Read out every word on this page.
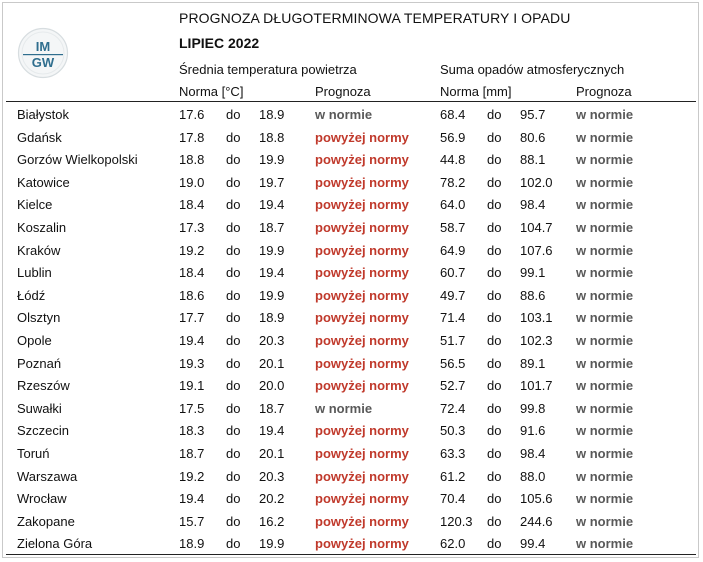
IM
GW
PROGNOZA DŁUGOTERMINOWA TEMPERATURY I OPADU
LIPIEC 2022
Średnia temperatura powietrza	Suma opadów atmosferycznych
Norma [°C]	Prognoza	Norma [mm]	Prognoza
Białystok	17.6 do 18.9 w normie	68.4 do 95.7 w normie
Gdańsk	17.8 do 18.8 powyżej normy 56.9 do 80.6 w normie
Gorzów Wielkopolski	18.8 do 19.9 powyżej normy 44.8 do 88.1 w normie
Katowice	19.0 do 19.7 powyżej normy 78.2 do 102.0 w normie
Kielce	18.4 do 19.4 powyżej normy 64.0 do 98.4 w normie
Koszalin	17.3 do 18.7 powyżej normy 58.7 do 104.7 w normie
Kraków	19.2 do 19.9 powyżej normy 64.9 do 107.6 w normie
Lublin	18.4 do 19.4 powyżej normy 60.7 do 99.1 w normie
Łódź	18.6 do 19.9 powyżej normy 49.7 do 88.6 w normie
Olsztyn	17.7 do 18.9 powyżej normy 71.4 do 103.1 w normie
Opole	19.4 do 20.3 powyżej normy 51.7 do 102.3 w normie
Poznań	19.3 do 20.1 powyżej normy 56.5 do 89.1 w normie
Rzeszów	19.1 do 20.0 powyżej normy 52.7 do 101.7 w normie
Suwałki	17.5 do 18.7 w normie	72.4 do 99.8 w normie
Szczecin	18.3 do 19.4 powyżej normy 50.3 do 91.6 w normie
Toruń	18.7 do 20.1 powyżej normy 63.3 do 98.4 w normie
Warszawa	19.2 do 20.3 powyżej normy 61.2 do 88.0 w normie
Wrocław	19.4 do 20.2 powyżej normy 70.4 do 105.6 w normie
Zakopane	15.7 do 16.2 powyżej normy 120.3 do 244.6 w normie
Zielona Góra	18.9 do 19.9 powyżej normy 62.0 do 99.4 w normie
